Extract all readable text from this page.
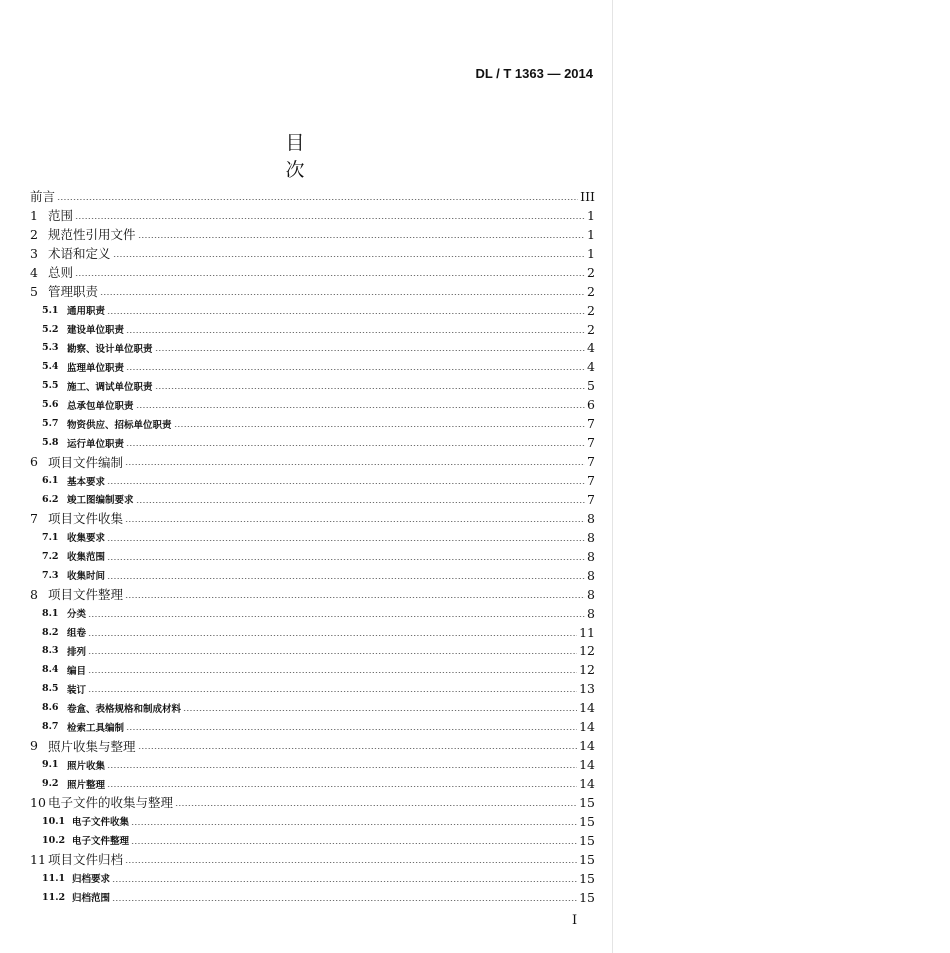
DL / T 1363 — 2014
目 次
前言	III
1 范围	1
2 规范性引用文件	1
3 术语和定义	1
4 总则	2
5 管理职责	2
5.1 通用职责	2
5.2 建设单位职责	2
5.3 勘察、设计单位职责	4
5.4 监理单位职责	4
5.5 施工、调试单位职责	5
5.6 总承包单位职责	6
5.7 物资供应、招标单位职责	7
5.8 运行单位职责	7
6 项目文件编制	7
6.1 基本要求	7
6.2 竣工图编制要求	7
7 项目文件收集	8
7.1 收集要求	8
7.2 收集范围	8
7.3 收集时间	8
8 项目文件整理	8
8.1 分类	8
8.2 组卷	11
8.3 排列	12
8.4 编目	12
8.5 装订	13
8.6 卷盒、表格规格和制成材料	14
8.7 检索工具编制	14
9 照片收集与整理	14
9.1 照片收集	14
9.2 照片整理	14
10 电子文件的收集与整理	15
10.1 电子文件收集	15
10.2 电子文件整理	15
11 项目文件归档	15
11.1 归档要求	15
11.2 归档范围	15
I
